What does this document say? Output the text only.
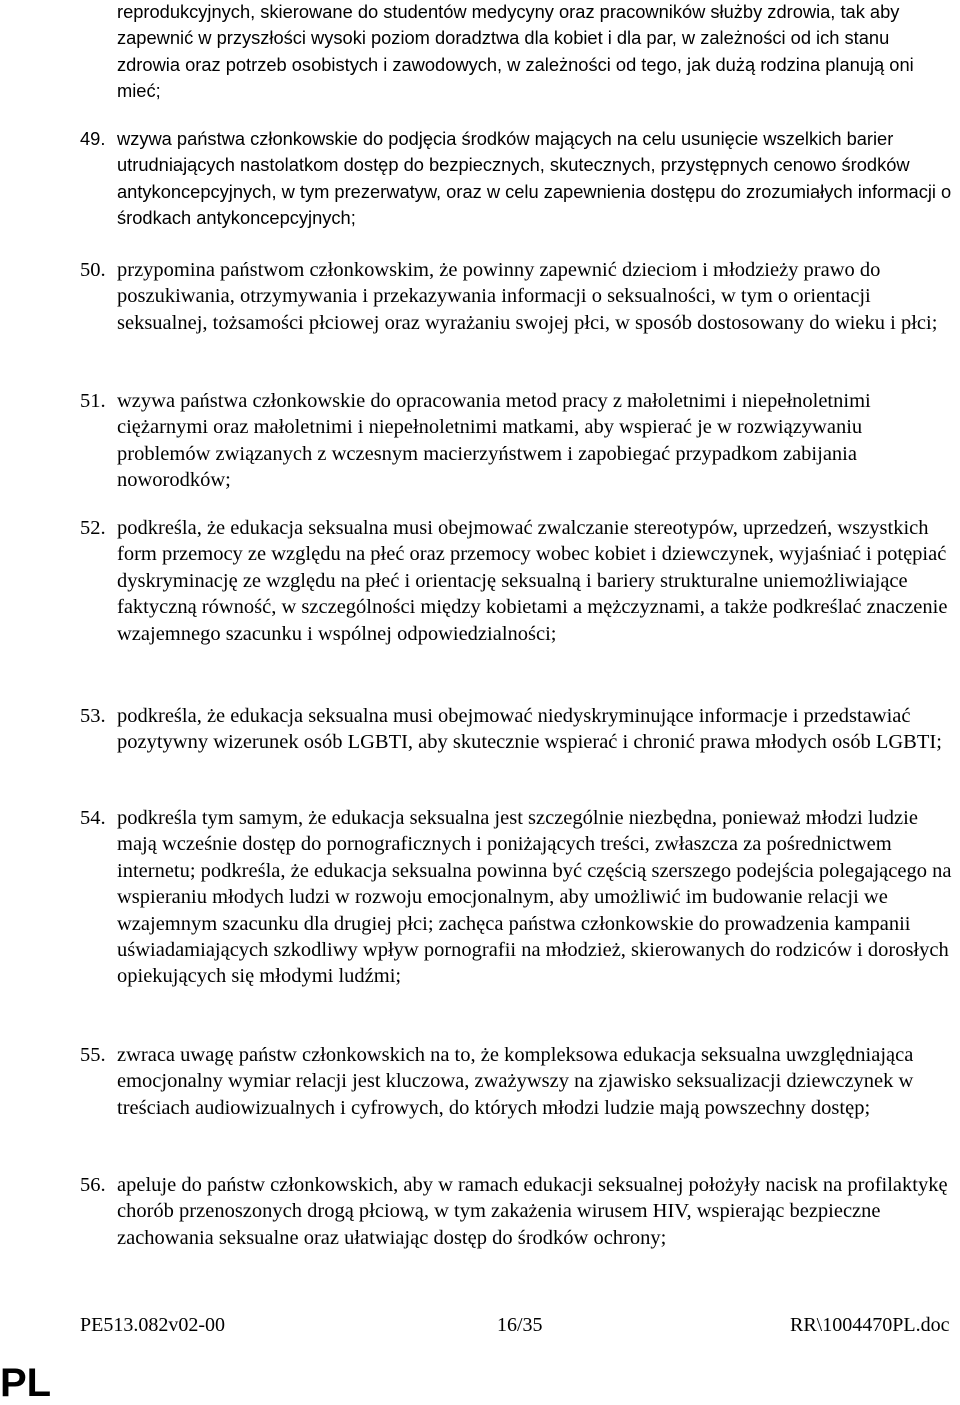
reprodukcyjnych, skierowane do studentów medycyny oraz pracowników służby zdrowia, tak aby zapewnić w przyszłości wysoki poziom doradztwa dla kobiet i dla par, w zależności od ich stanu zdrowia oraz potrzeb osobistych i zawodowych, w zależności od tego, jak dużą rodzina planują oni mieć;

49. wzywa państwa członkowskie do podjęcia środków mających na celu usunięcie wszelkich barier utrudniających nastolatkom dostęp do bezpiecznych, skutecznych, przystępnych cenowo środków antykoncepcyjnych, w tym prezerwatyw, oraz w celu zapewnienia dostępu do zrozumiałych informacji o środkach antykoncepcyjnych;

50. przypomina państwom członkowskim, że powinny zapewnić dzieciom i młodzieży prawo do poszukiwania, otrzymywania i przekazywania informacji o seksualności, w tym o orientacji seksualnej, tożsamości płciowej oraz wyrażaniu swojej płci, w sposób dostosowany do wieku i płci;

51. wzywa państwa członkowskie do opracowania metod pracy z małoletnimi i niepełnoletnimi ciężarnymi oraz małoletnimi i niepełnoletnimi matkami, aby wspierać je w rozwiązywaniu problemów związanych z wczesnym macierzyństwem i zapobiegać przypadkom zabijania noworodków;

52. podkreśla, że edukacja seksualna musi obejmować zwalczanie stereotypów, uprzedzeń, wszystkich form przemocy ze względu na płeć oraz przemocy wobec kobiet i dziewczynek, wyjaśniać i potępiać dyskryminację ze względu na płeć i orientację seksualną i bariery strukturalne uniemożliwiające faktyczną równość, w szczególności między kobietami a mężczyznami, a także podkreślać znaczenie wzajemnego szacunku i wspólnej odpowiedzialności;

53. podkreśla, że edukacja seksualna musi obejmować niedyskryminujące informacje i przedstawiać pozytywny wizerunek osób LGBTI, aby skutecznie wspierać i chronić prawa młodych osób LGBTI;

54. podkreśla tym samym, że edukacja seksualna jest szczególnie niezbędna, ponieważ młodzi ludzie mają wcześnie dostęp do pornograficznych i poniżających treści, zwłaszcza za pośrednictwem internetu; podkreśla, że edukacja seksualna powinna być częścią szerszego podejścia polegającego na wspieraniu młodych ludzi w rozwoju emocjonalnym, aby umożliwić im budowanie relacji we wzajemnym szacunku dla drugiej płci; zachęca państwa członkowskie do prowadzenia kampanii uświadamiających szkodliwy wpływ pornografii na młodzież, skierowanych do rodziców i dorosłych opiekujących się młodymi ludźmi;

55. zwraca uwagę państw członkowskich na to, że kompleksowa edukacja seksualna uwzględniająca emocjonalny wymiar relacji jest kluczowa, zważywszy na zjawisko seksualizacji dziewczynek w treściach audiowizualnych i cyfrowych, do których młodzi ludzie mają powszechny dostęp;

56. apeluje do państw członkowskich, aby w ramach edukacji seksualnej położyły nacisk na profilaktykę chorób przenoszonych drogą płciową, w tym zakażenia wirusem HIV, wspierając bezpieczne zachowania seksualne oraz ułatwiając dostęp do środków ochrony;

PE513.082v02-00	16/35	RR\1004470PL.doc
PL
